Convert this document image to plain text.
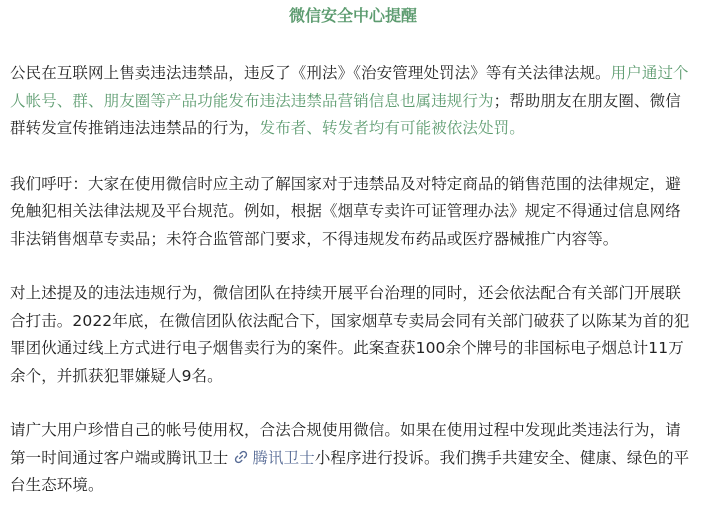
微信安全中心提醒

公民在互联网上售卖违法违禁品，违反了《刑法》《治安管理处罚法》等有关法律法规。用户通过个人帐号、群、朋友圈等产品功能发布违法违禁品营销信息也属违规行为；帮助朋友在朋友圈、微信群转发宣传推销违法违禁品的行为，发布者、转发者均有可能被依法处罚。

我们呼吁：大家在使用微信时应主动了解国家对于违禁品及对特定商品的销售范围的法律规定，避免触犯相关法律法规及平台规范。例如，根据《烟草专卖许可证管理办法》规定不得通过信息网络非法销售烟草专卖品；未符合监管部门要求，不得违规发布药品或医疗器械推广内容等。

对上述提及的违法违规行为，微信团队在持续开展平台治理的同时，还会依法配合有关部门开展联合打击。2022年底，在微信团队依法配合下，国家烟草专卖局会同有关部门破获了以陈某为首的犯罪团伙通过线上方式进行电子烟售卖行为的案件。此案查获100余个牌号的非国标电子烟总计11万余个，并抓获犯罪嫌疑人9名。

请广大用户珍惜自己的帐号使用权，合法合规使用微信。如果在使用过程中发现此类违法行为，请第一时间通过客户端或腾讯卫士 腾讯卫士小程序进行投诉。我们携手共建安全、健康、绿色的平台生态环境。
